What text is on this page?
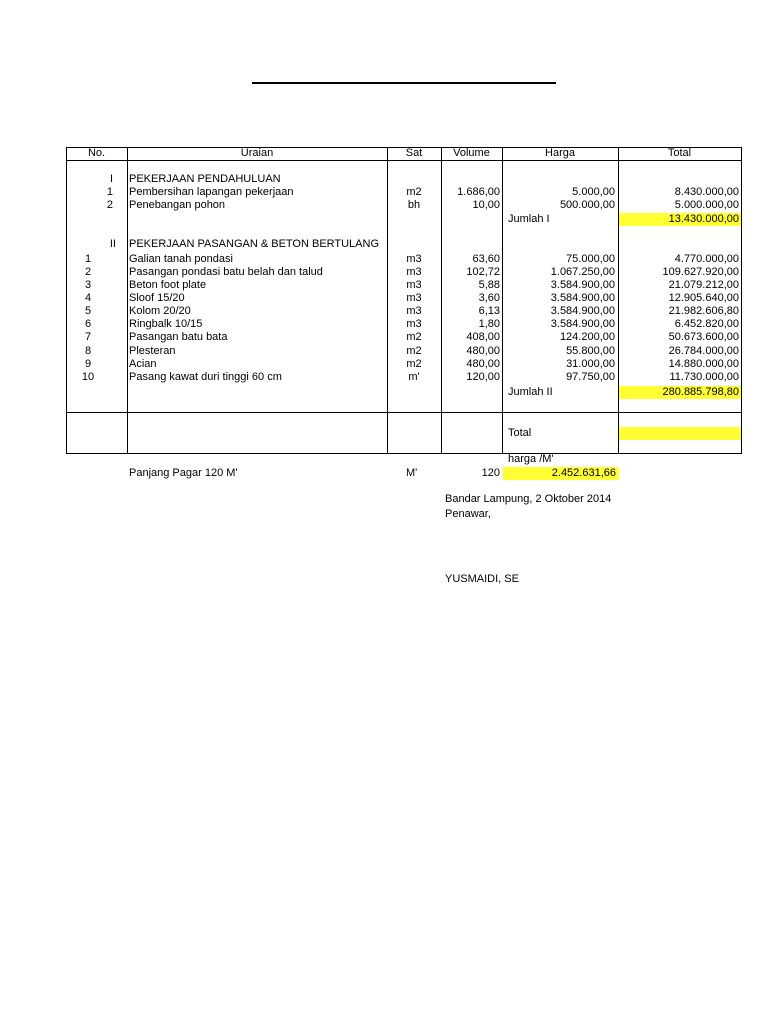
No.	Uraian	Sat	Volume	Harga	Total
I PEKERJAAN PENDAHULUAN
1 Pembersihan lapangan pekerjaan	m2	1.686,00	5.000,00	8.430.000,00
2 Penebangan pohon	bh	10,00	500.000,00	5.000.000,00
Jumlah I	13.430.000,00
II PEKERJAAN PASANGAN & BETON BERTULANG
1	Galian tanah pondasi	m3	63,60	75.000,00	4.770.000,00
2	Pasangan pondasi batu belah dan talud	m3	102,72	1.067.250,00	109.627.920,00
3	Beton foot plate	m3	5,88	3.584.900,00	21.079.212,00
4	Sloof 15/20	m3	3,60	3.584.900,00	12.905.640,00
5	Kolom 20/20	m3	6,13	3.584.900,00	21.982.606,80
6	Ringbalk 10/15	m3	1,80	3.584.900,00	6.452.820,00
7	Pasangan batu bata	m2	408,00	124.200,00	50.673.600,00
8	Plesteran	m2	480,00	55.800,00	26.784.000,00
9	Acian	m2	480,00	31.000,00	14.880.000,00
10	Pasang kawat duri tinggi 60 cm	m'	120,00	97.750,00	11.730.000,00
Jumlah II	280.885.798,80
Total
harga /M'
Panjang Pagar 120 M'	M'	120	2.452.631,66
Bandar Lampung, 2 Oktober 2014
Penawar,
YUSMAIDI, SE
